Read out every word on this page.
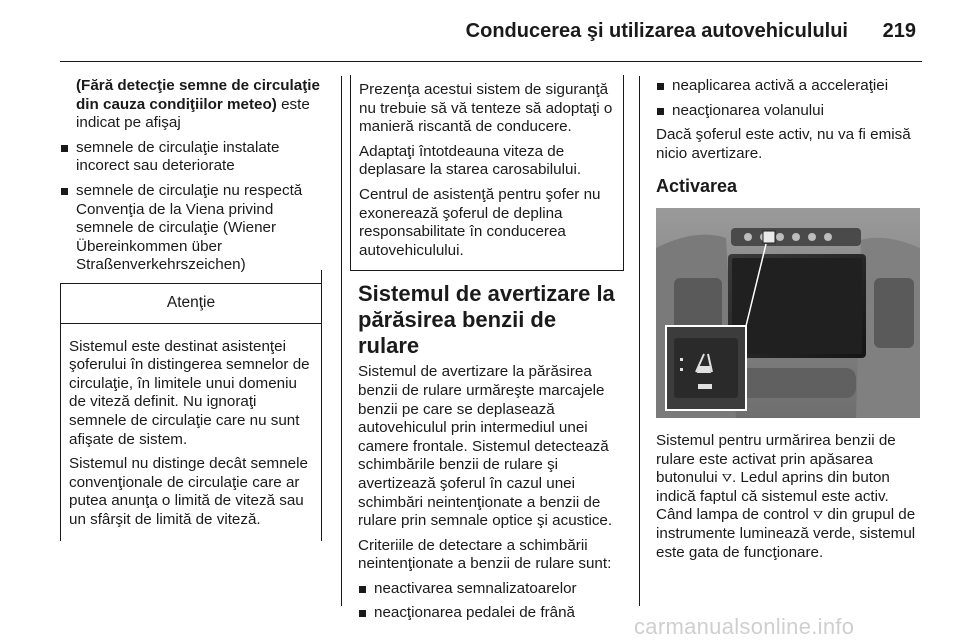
Conducerea şi utilizarea autovehiculului 219

(Fără detecţie semne de circulaţie din cauza condiţiilor meteo) este indicat pe afişaj

semnele de circulaţie instalate incorect sau deteriorate
semnele de circulaţie nu respectă Convenţia de la Viena privind semnele de circulaţie (Wiener Übereinkommen über Straßenverkehrszeichen)
Atenţie

Sistemul este destinat asistenţei şoferului în distingerea semnelor de circulaţie, în limitele unui domeniu de viteză definit. Nu ignoraţi semnele de circulaţie care nu sunt afişate de sistem.

Sistemul nu distinge decât semnele convenţionale de circulaţie care ar putea anunţa o limită de viteză sau un sfârşit de limită de viteză.

Prezenţa acestui sistem de siguranţă nu trebuie să vă tenteze să adoptaţi o manieră riscantă de conducere.

Adaptaţi întotdeauna viteza de deplasare la starea carosabilului.

Centrul de asistenţă pentru şofer nu exonerează şoferul de deplina responsabilitate în conducerea autovehiculului.

Sistemul de avertizare la părăsirea benzii de rulare

Sistemul de avertizare la părăsirea benzii de rulare urmăreşte marcajele benzii pe care se deplasează autovehiculul prin intermediul unei camere frontale. Sistemul detectează schimbările benzii de rulare şi avertizează şoferul în cazul unei schimbări neintenţionate a benzii de rulare prin semnale optice şi acustice.

Criteriile de detectare a schimbării neintenţionate a benzii de rulare sunt:

neactivarea semnalizatoarelor
neacţionarea pedalei de frână
neaplicarea activă a acceleraţiei
neacţionarea volanului

Dacă şoferul este activ, nu va fi emisă nicio avertizare.

Activarea

Sistemul pentru urmărirea benzii de rulare este activat prin apăsarea butonului ⛛. Ledul aprins din buton indică faptul că sistemul este activ. Când lampa de control ⛛ din grupul de instrumente luminează verde, sistemul este gata de funcţionare.

carmanualsonline.info
